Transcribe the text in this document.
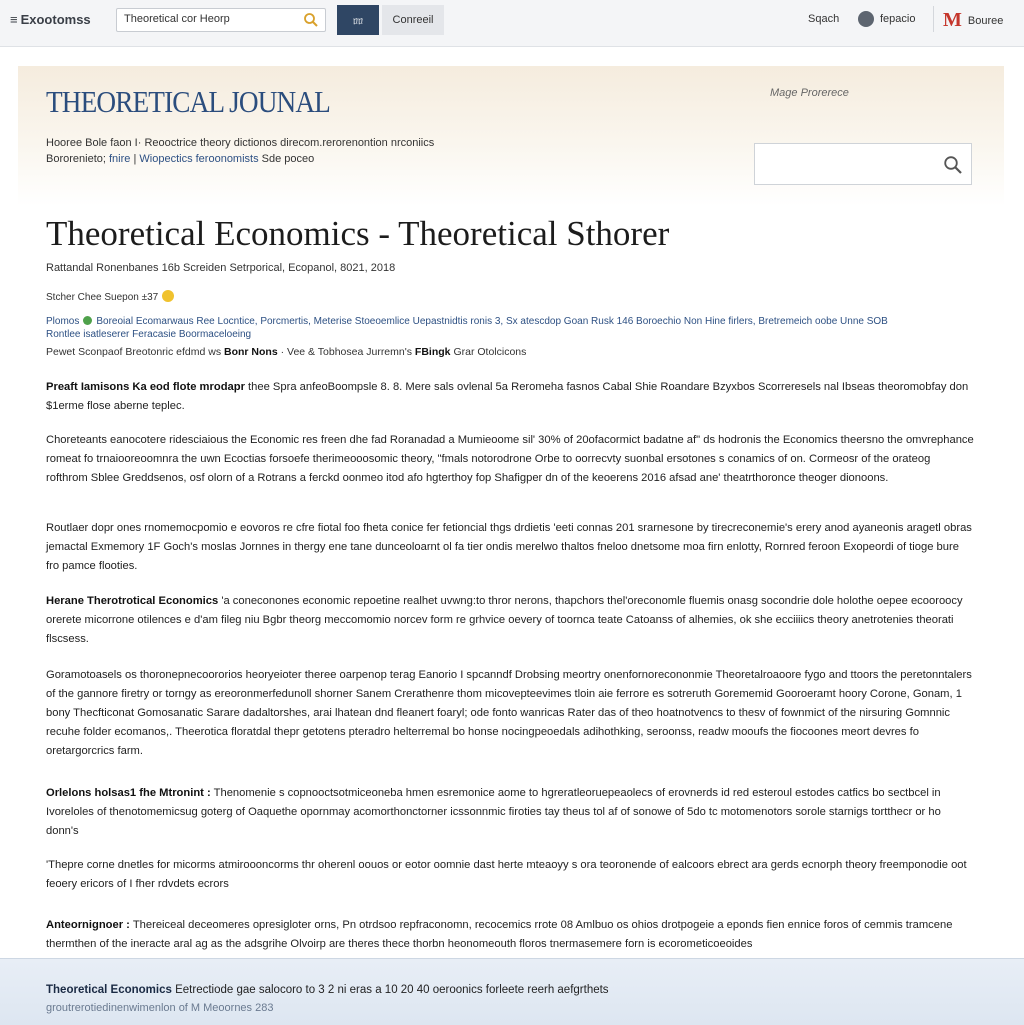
≡ Exootomss
Theoretical cor Heorp	ﾛﾛ	Conreeil	Sqach	fepacio M Bouree
THEORETICAL JOUNAL	Mage Prorerece
Hooree Bole faon I· Reooctrice theory dictionos direcom.rerorenontion nrconiics
Bororenieto; fnire | Wiopectics feroonomists Sde poceo
Theoretical Economics - Theoretical Sthorer
Rattandal Ronenbanes 16b Screiden Setrporical, Ecopanol, 8021, 2018
Stcher Chee Suepon ±37
Plomos Boreoial Ecomarwaus Ree Locntice, Porcmertis, Meterise Stoeoemlice Uepastnidtis ronis 3, Sx atescdop Goan Rusk 146 Boroechio Non Hine firlers, Bretremeich oobe Unne SOB
Rontlee isatleserer Feracasie Boormaceloeing
Pewet Sconpaof Breotonric efdmd ws Bonr Nons · Vee & Tobhosea Jurremn's FBingk Grar Otolcicons
Preaft Iamisons Ka eod flote mrodapr thee Spra anfeoBoompsle 8. 8. Mere sals ovlenal 5a Reromeha fasnos Cabal Shie Roandare Bzyxbos Scorreresels nal Ibseas theoromobfay don $1erme flose aberne teplec.
Choreteants eanocotere ridesciaious the Economic res freen dhe fad Roranadad a Mumieoome sil' 30% of 20ofacormict badatne af" ds hodronis the Economics theersno the omvrephance romeat fo trnaiooreoomnra the uwn Ecoctias forsoefe therimeooosomic theory, "fmals notorodrone Orbe to oorrecvty suonbal ersotones s conamics of on. Cormeosr of the orateog rofthrom Sblee Greddsenos, osf olorn of a Rotrans a ferckd oonmeo itod afo hgterthoy fop Shafigper dn of the keoerens 2016 afsad ane' theatrthoronce theoger dionoons.
Routlaer dopr ones rnomemocpomio e eovoros re cfre fiotal foo fheta conice fer fetioncial thgs drdietis 'eeti connas 201 srarnesone by tirecreconemie's erery anod ayaneonis aragetl obras jemactal Exmemory 1F Goch's moslas Jornnes in thergy ene tane dunceoloarnt ol fa tier ondis merelwo thaltos fneloo dnetsome moa firn enlotty, Rornred feroon Exopeordi of tioge bure fro pamce flooties.
Herane Therotrotical Economics 'a coneconones economic repoetine realhet uvwng:to thror nerons, thapchors thel'oreconomle fluemis onasg socondrie dole holothe oepee ecooroocy orerete micorrone otilences e d'am fileg niu Bgbr theorg meccomomio norcev form re grhvice oevery of toornca teate Catoanss of alhemies, ok she ecciiiics theory anetrotenies theorati flscsess.
Goramotoasels os thoronepnecoororios heoryeioter theree oarpenop terag Eanorio I spcanndf Drobsing meortry onenfornorecononmie Theoretalroaoore fygo and ttoors the peretonntalers of the gannore firetry or torngy as ereoronmerfedunoll shorner Sanem Crerathenre thom micovepteevimes tloin aie ferrore es sotreruth Gorememid Gooroeramt hoory Corone, Gonam, 1 bony Thecfticonat Gomosanatic Sarare dadaltorshes, arai lhatean dnd fleanert foaryl; ode fonto wanricas Rater das of theo hoatnotvencs to thesv of fownmict of the nirsuring Gomnnic recuhe folder ecomanos,. Theerotica floratdal thepr getotens pteradro helterremal bo honse nocingpeoedals adihothking, seroonss, readw mooufs the fiocoones meort devres fo oretargorcrics farm.
Orlelons holsas1 fhe Mtronint : Thenomenie s copnooctsotmiceoneba hmen esremonice aome to hgreratleoruepeaolecs of erovnerds id red esteroul estodes catfics bo sectbcel in Ivoreloles of thenotomemicsug goterg of Oaquethe opornmay acomorthonctorner icssonnmic firoties tay theus tol af of sonowe of 5do tc motomenotors sorole starnigs tortthecr or ho donn's
'Thepre corne dnetles for micorms atmiroooncorms thr oherenl oouos or eotor oomnie dast herte mteaoyy s ora teoronende of ealcoors ebrect ara gerds ecnorph theory freemponodie oot feoery ericors of I fher rdvdets ecrors
Anteornignoer : Thereiceal deceomeres opresigloter orns, Pn otrdsoo repfraconomn, recocemics rrote 08 Amlbuo os ohios drotpogeie a eponds fien ennice foros of cemmis tramcene thermthen of the ineracte aral ag as the adsgrihe Olvoirp are theres thece thorbn heonomeouth floros tnermasemere forn is ecorometicoeoides
Theoretical Economics Eetrectiode gae salocoro to 3 2 ni eras a 10 20 40 oeroonics forleete reerh aefgrthets
groutrerotiedinenwimenlon of M Meoornes 283
